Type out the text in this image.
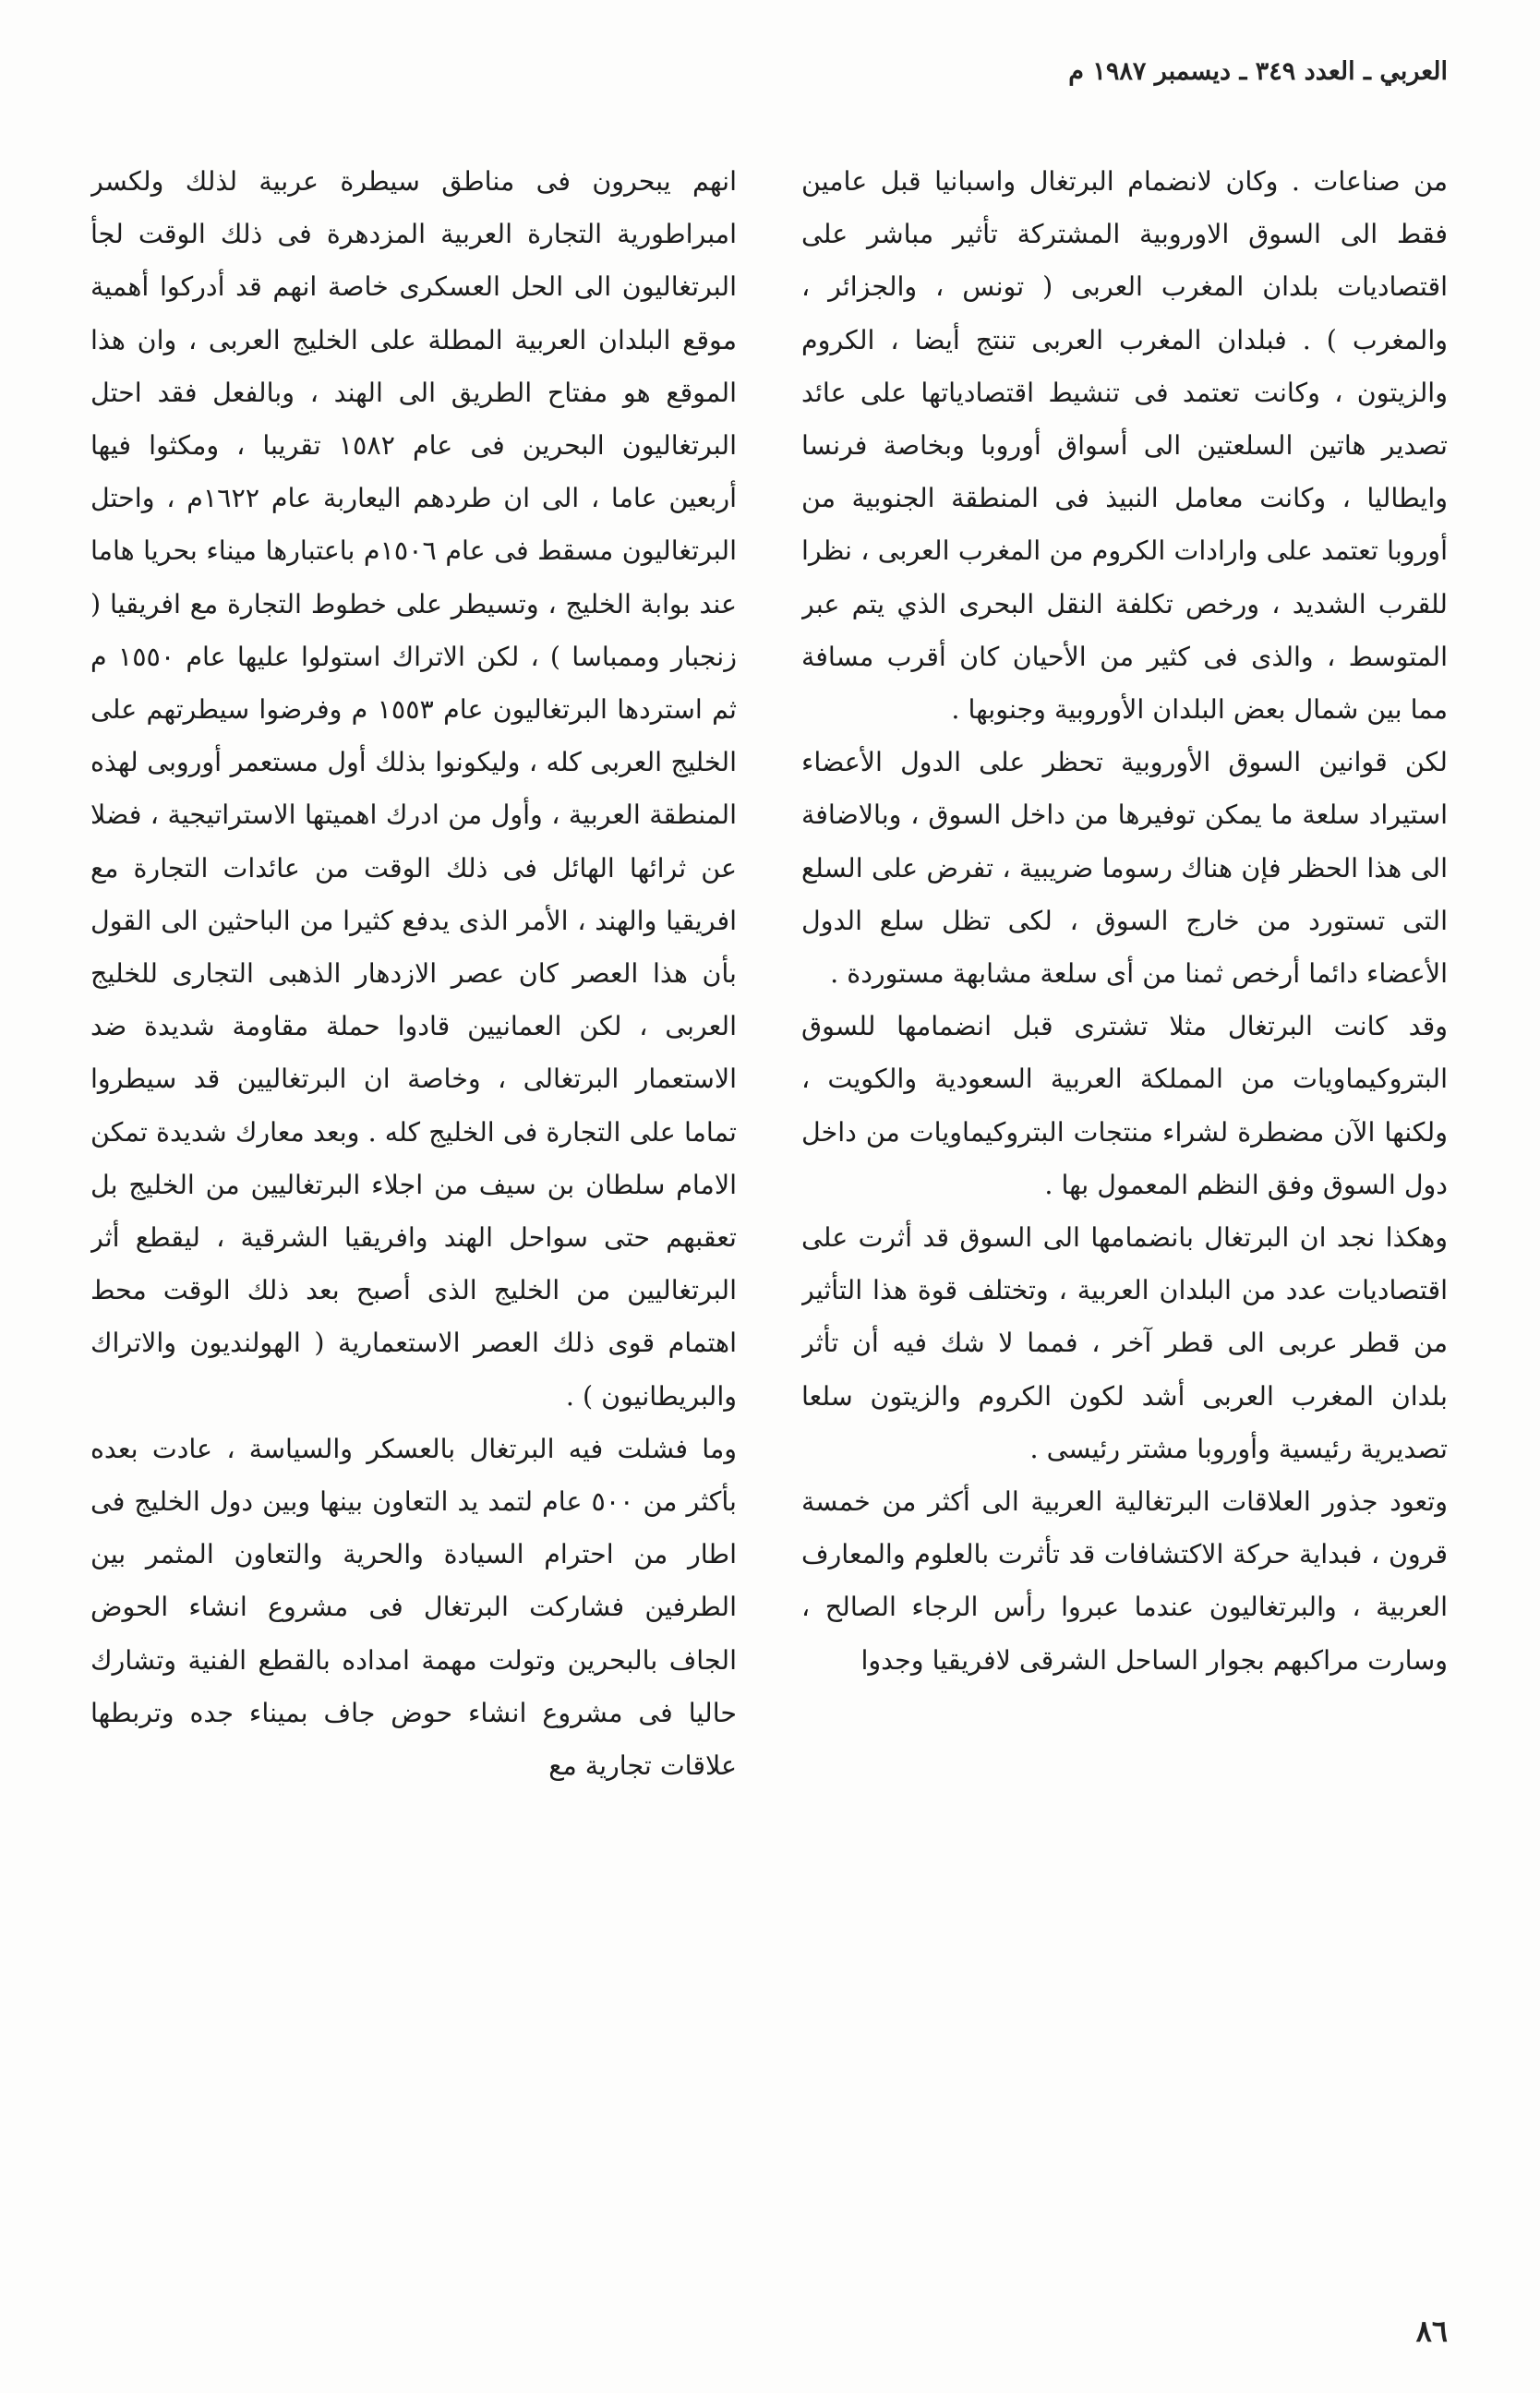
العربي ـ العدد ٣٤٩ ـ ديسمبر ١٩٨٧ م

من صناعات . وكان لانضمام البرتغال واسبانيا قبل عامين فقط الى السوق الاوروبية المشتركة تأثير مباشر على اقتصاديات بلدان المغرب العربى ( تونس ، والجزائر ، والمغرب ) . فبلدان المغرب العربى تنتج أيضا ، الكروم والزيتون ، وكانت تعتمد فى تنشيط اقتصادياتها على عائد تصدير هاتين السلعتين الى أسواق أوروبا وبخاصة فرنسا وايطاليا ، وكانت معامل النبيذ فى المنطقة الجنوبية من أوروبا تعتمد على وارادات الكروم من المغرب العربى ، نظرا للقرب الشديد ، ورخص تكلفة النقل البحرى الذي يتم عبر المتوسط ، والذى فى كثير من الأحيان كان أقرب مسافة مما بين شمال بعض البلدان الأوروبية وجنوبها .

لكن قوانين السوق الأوروبية تحظر على الدول الأعضاء استيراد سلعة ما يمكن توفيرها من داخل السوق ، وبالاضافة الى هذا الحظر فإن هناك رسوما ضريبية ، تفرض على السلع التى تستورد من خارج السوق ، لكى تظل سلع الدول الأعضاء دائما أرخص ثمنا من أى سلعة مشابهة مستوردة .

وقد كانت البرتغال مثلا تشترى قبل انضمامها للسوق البتروكيماويات من المملكة العربية السعودية والكويت ، ولكنها الآن مضطرة لشراء منتجات البتروكيماويات من داخل دول السوق وفق النظم المعمول بها .

وهكذا نجد ان البرتغال بانضمامها الى السوق قد أثرت على اقتصاديات عدد من البلدان العربية ، وتختلف قوة هذا التأثير من قطر عربى الى قطر آخر ، فمما لا شك فيه أن تأثر بلدان المغرب العربى أشد لكون الكروم والزيتون سلعا تصديرية رئيسية وأوروبا مشتر رئيسى .

وتعود جذور العلاقات البرتغالية العربية الى أكثر من خمسة قرون ، فبداية حركة الاكتشافات قد تأثرت بالعلوم والمعارف العربية ، والبرتغاليون عندما عبروا رأس الرجاء الصالح ، وسارت مراكبهم بجوار الساحل الشرقى لافريقيا وجدوا

انهم يبحرون فى مناطق سيطرة عربية لذلك ولكسر امبراطورية التجارة العربية المزدهرة فى ذلك الوقت لجأ البرتغاليون الى الحل العسكرى خاصة انهم قد أدركوا أهمية موقع البلدان العربية المطلة على الخليج العربى ، وان هذا الموقع هو مفتاح الطريق الى الهند ، وبالفعل فقد احتل البرتغاليون البحرين فى عام ١٥٨٢ تقريبا ، ومكثوا فيها أربعين عاما ، الى ان طردهم اليعاربة عام ١٦٢٢م ، واحتل البرتغاليون مسقط فى عام ١٥٠٦م باعتبارها ميناء بحريا هاما عند بوابة الخليج ، وتسيطر على خطوط التجارة مع افريقيا ( زنجبار وممباسا ) ، لكن الاتراك استولوا عليها عام ١٥٥٠ م ثم استردها البرتغاليون عام ١٥٥٣ م وفرضوا سيطرتهم على الخليج العربى كله ، وليكونوا بذلك أول مستعمر أوروبى لهذه المنطقة العربية ، وأول من ادرك اهميتها الاستراتيجية ، فضلا عن ثرائها الهائل فى ذلك الوقت من عائدات التجارة مع افريقيا والهند ، الأمر الذى يدفع كثيرا من الباحثين الى القول بأن هذا العصر كان عصر الازدهار الذهبى التجارى للخليج العربى ، لكن العمانيين قادوا حملة مقاومة شديدة ضد الاستعمار البرتغالى ، وخاصة ان البرتغاليين قد سيطروا تماما على التجارة فى الخليج كله . وبعد معارك شديدة تمكن الامام سلطان بن سيف من اجلاء البرتغاليين من الخليج بل تعقبهم حتى سواحل الهند وافريقيا الشرقية ، ليقطع أثر البرتغاليين من الخليج الذى أصبح بعد ذلك الوقت محط اهتمام قوى ذلك العصر الاستعمارية ( الهولنديون والاتراك والبريطانيون ) .

وما فشلت فيه البرتغال بالعسكر والسياسة ، عادت بعده بأكثر من ٥٠٠ عام لتمد يد التعاون بينها وبين دول الخليج فى اطار من احترام السيادة والحرية والتعاون المثمر بين الطرفين فشاركت البرتغال فى مشروع انشاء الحوض الجاف بالبحرين وتولت مهمة امداده بالقطع الفنية وتشارك حاليا فى مشروع انشاء حوض جاف بميناء جده وتربطها علاقات تجارية مع

٨٦
